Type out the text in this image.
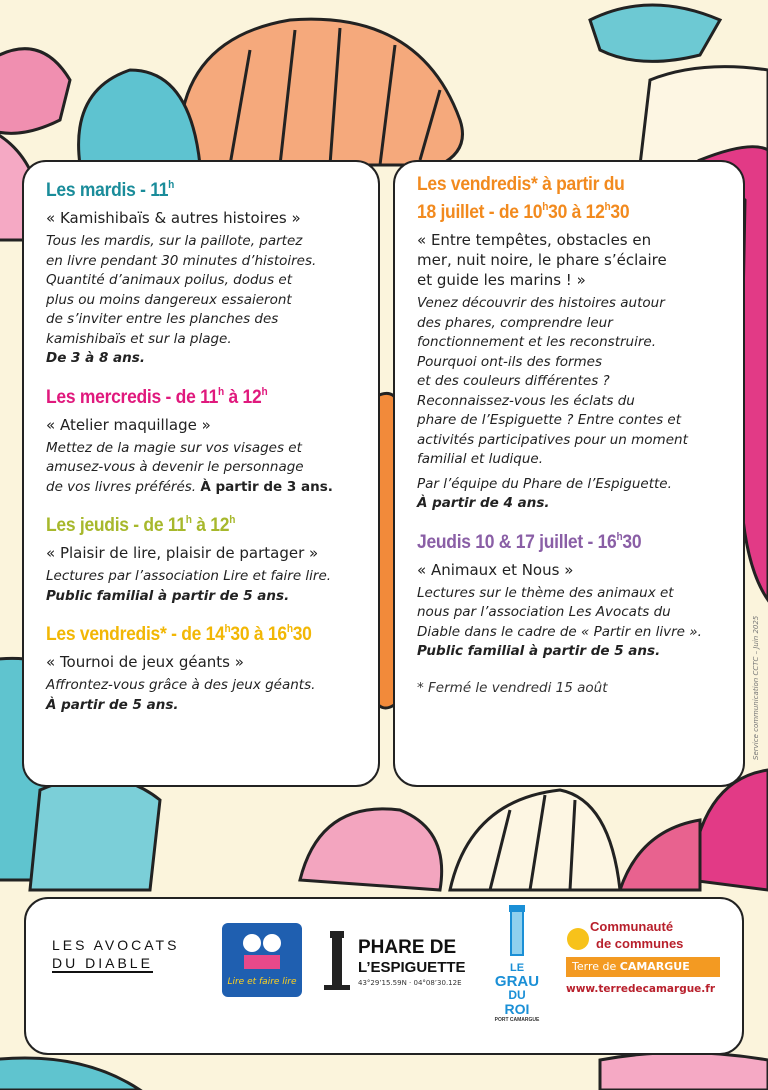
Les mardis - 11$^h$
« Kamishibaïs & autres histoires »
Tous les mardis, sur la paillote, partez
en livre pendant 30 minutes d’histoires.
Quantité d’animaux poilus, dodus et
plus ou moins dangereux essaieront
de s’inviter entre les planches des
kamishibaïs et sur la plage.
De 3 à 8 ans.
Les mercredis - de 11$^h$ à 12$^h$
« Atelier maquillage »
Mettez de la magie sur vos visages et
amusez-vous à devenir le personnage
de vos livres préférés. À partir de 3 ans.
Les jeudis - de 11$^h$ à 12$^h$
« Plaisir de lire, plaisir de partager »
Lectures par l’association Lire et faire lire.
Public familial à partir de 5 ans.
Les vendredis* - de 14$^h$30 à 16$^h$30
« Tournoi de jeux géants »
Affrontez-vous grâce à des jeux géants.
À partir de 5 ans.
Les vendredis* à partir du
18 juillet - de 10$^h$30 à 12$^h$30
« Entre tempêtes, obstacles en
mer, nuit noire, le phare s’éclaire
et guide les marins ! »
Venez découvrir des histoires autour
des phares, comprendre leur
fonctionnement et les reconstruire.
Pourquoi ont-ils des formes
et des couleurs différentes ?
Reconnaissez-vous les éclats du
phare de l’Espiguette ? Entre contes et
activités participatives pour un moment
familial et ludique.
Par l’équipe du Phare de l’Espiguette.
À partir de 4 ans.
Jeudis 10 & 17 juillet - 16$^h$30
« Animaux et Nous »
Lectures sur le thème des animaux et
nous par l’association Les Avocats du
Diable dans le cadre de « Partir en livre ».
Public familial à partir de 5 ans.
* Fermé le vendredi 15 août	Service communication CCTC – Juin 2025
LES AVOCATS
DU DIABLE
Lire et faire lire
PHARE DE
L’ESPIGUETTE
43°29’15.59N · 04°08’30.12E
LE
GRAU
DU
ROI
PORT CAMARGUE
Communauté
de communes
Terre de CAMARGUE
www.terredecamargue.fr
